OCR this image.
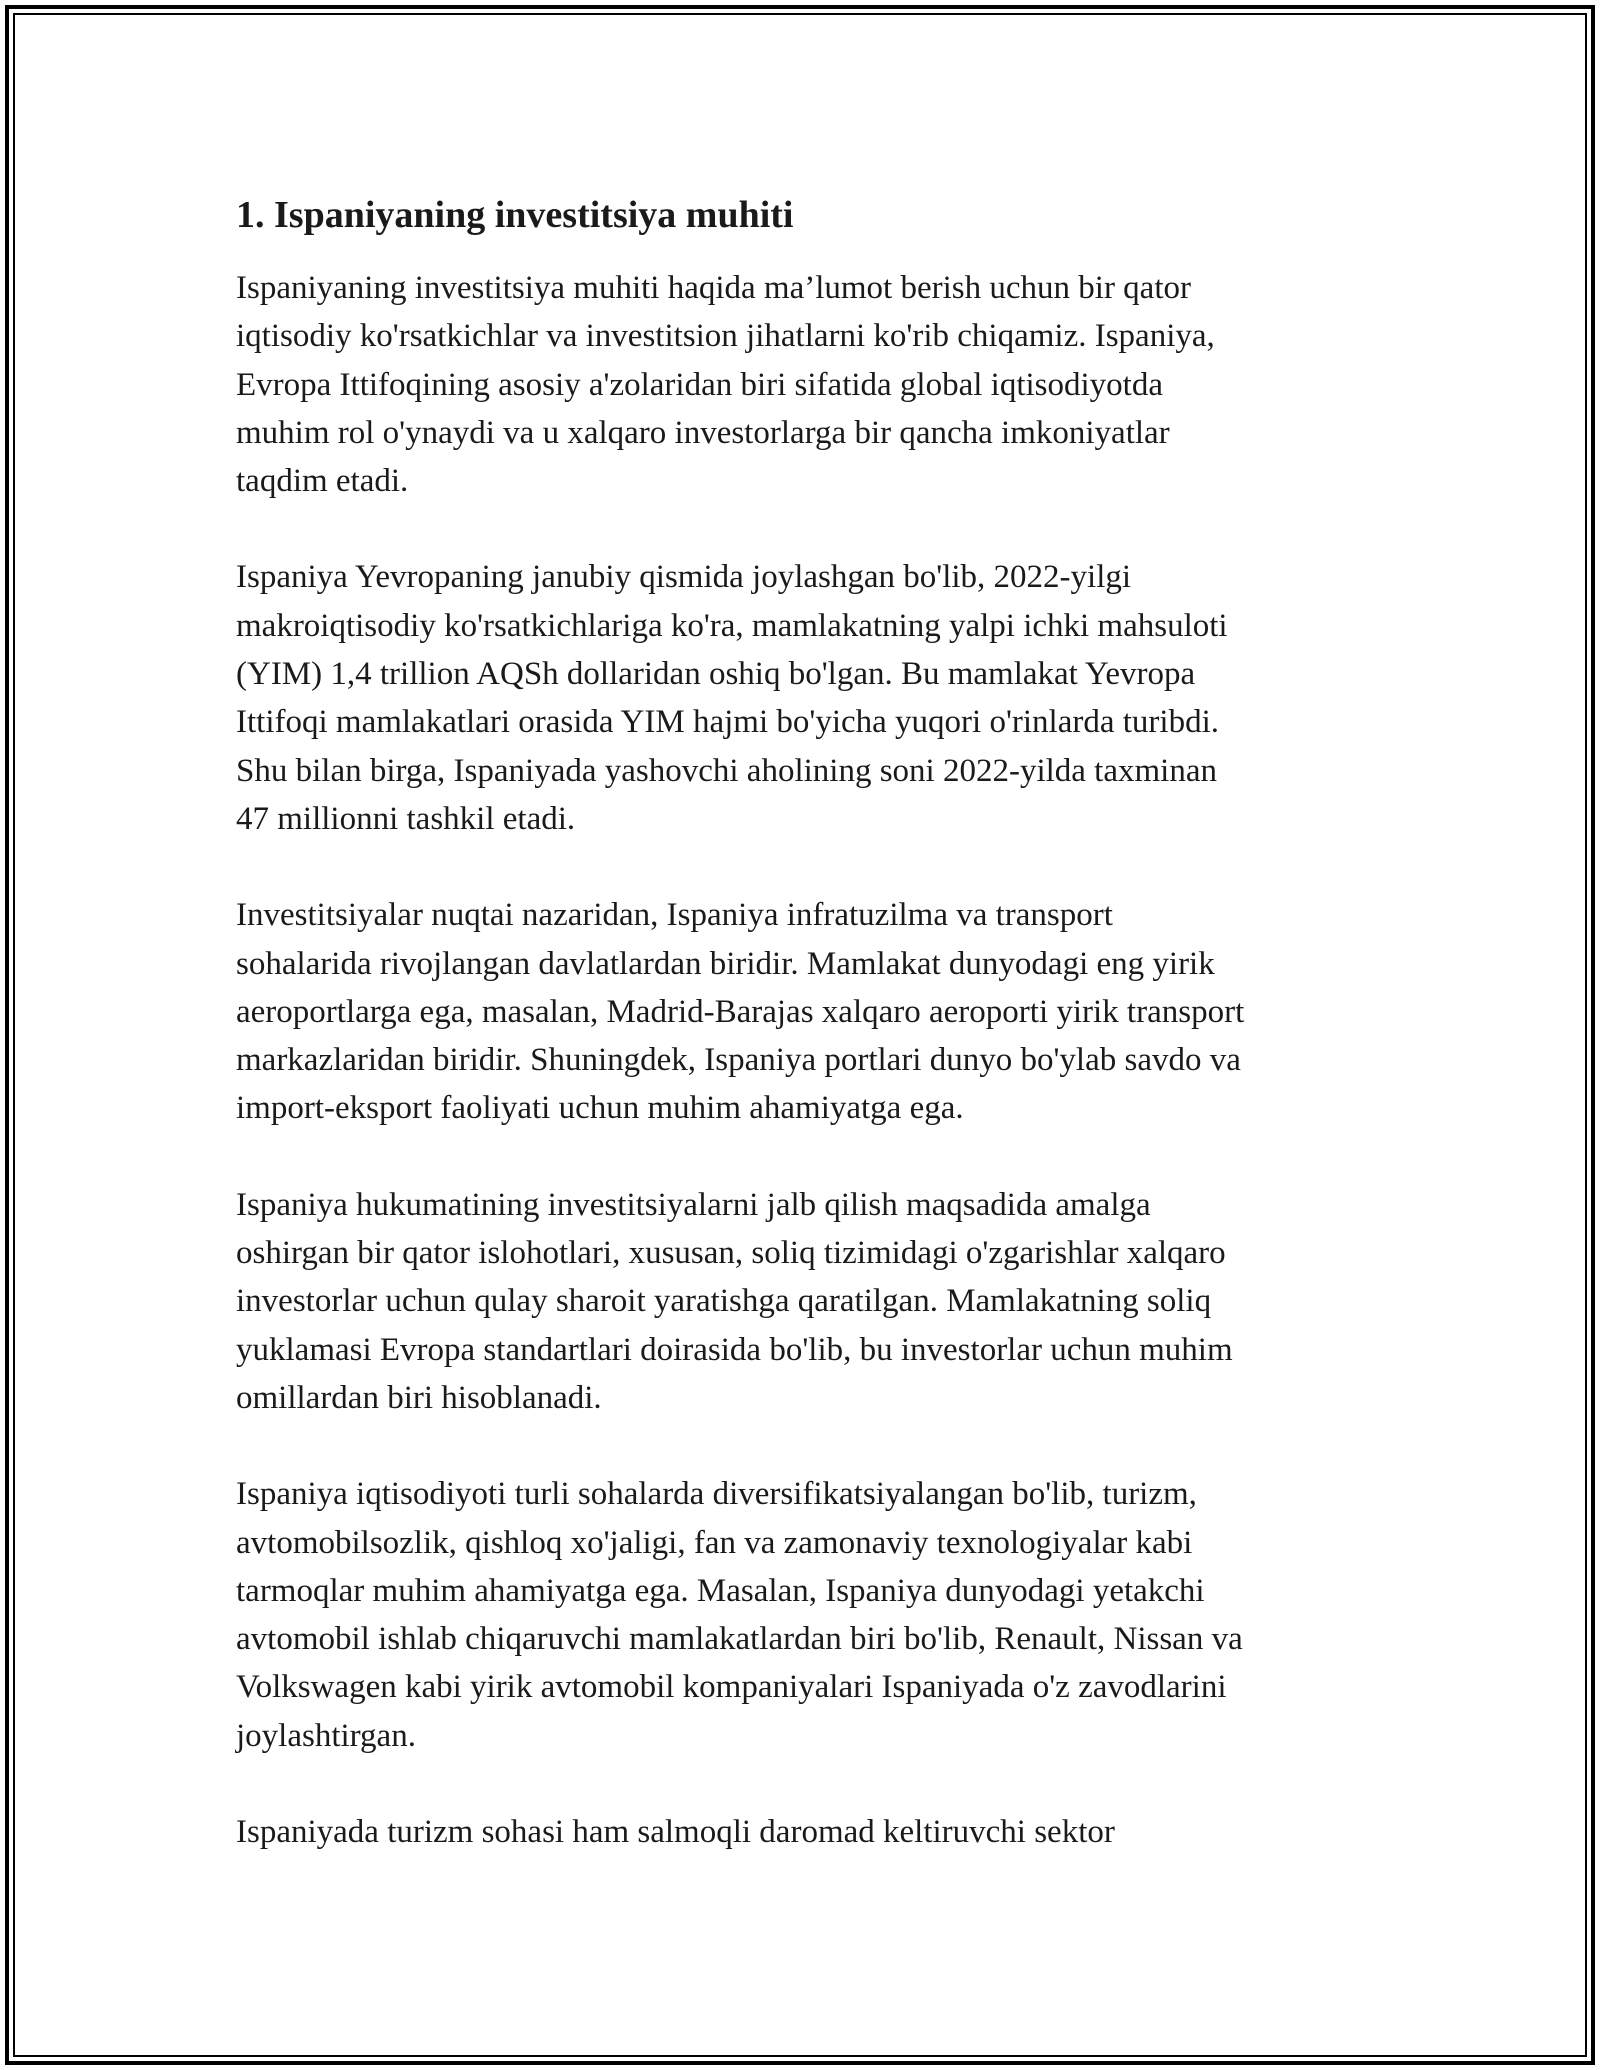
1. Ispaniyaning investitsiya muhiti

Ispaniyaning investitsiya muhiti haqida ma’lumot berish uchun bir qator
iqtisodiy ko'rsatkichlar va investitsion jihatlarni ko'rib chiqamiz. Ispaniya,
Evropa Ittifoqining asosiy a'zolaridan biri sifatida global iqtisodiyotda
muhim rol o'ynaydi va u xalqaro investorlarga bir qancha imkoniyatlar
taqdim etadi.

Ispaniya Yevropaning janubiy qismida joylashgan bo'lib, 2022-yilgi
makroiqtisodiy ko'rsatkichlariga ko'ra, mamlakatning yalpi ichki mahsuloti
(YIM) 1,4 trillion AQSh dollaridan oshiq bo'lgan. Bu mamlakat Yevropa
Ittifoqi mamlakatlari orasida YIM hajmi bo'yicha yuqori o'rinlarda turibdi.
Shu bilan birga, Ispaniyada yashovchi aholining soni 2022-yilda taxminan
47 millionni tashkil etadi.

Investitsiyalar nuqtai nazaridan, Ispaniya infratuzilma va transport
sohalarida rivojlangan davlatlardan biridir. Mamlakat dunyodagi eng yirik
aeroportlarga ega, masalan, Madrid-Barajas xalqaro aeroporti yirik transport
markazlaridan biridir. Shuningdek, Ispaniya portlari dunyo bo'ylab savdo va
import-eksport faoliyati uchun muhim ahamiyatga ega.

Ispaniya hukumatining investitsiyalarni jalb qilish maqsadida amalga
oshirgan bir qator islohotlari, xususan, soliq tizimidagi o'zgarishlar xalqaro
investorlar uchun qulay sharoit yaratishga qaratilgan. Mamlakatning soliq
yuklamasi Evropa standartlari doirasida bo'lib, bu investorlar uchun muhim
omillardan biri hisoblanadi.

Ispaniya iqtisodiyoti turli sohalarda diversifikatsiyalangan bo'lib, turizm,
avtomobilsozlik, qishloq xo'jaligi, fan va zamonaviy texnologiyalar kabi
tarmoqlar muhim ahamiyatga ega. Masalan, Ispaniya dunyodagi yetakchi
avtomobil ishlab chiqaruvchi mamlakatlardan biri bo'lib, Renault, Nissan va
Volkswagen kabi yirik avtomobil kompaniyalari Ispaniyada o'z zavodlarini
joylashtirgan.

Ispaniyada turizm sohasi ham salmoqli daromad keltiruvchi sektor
